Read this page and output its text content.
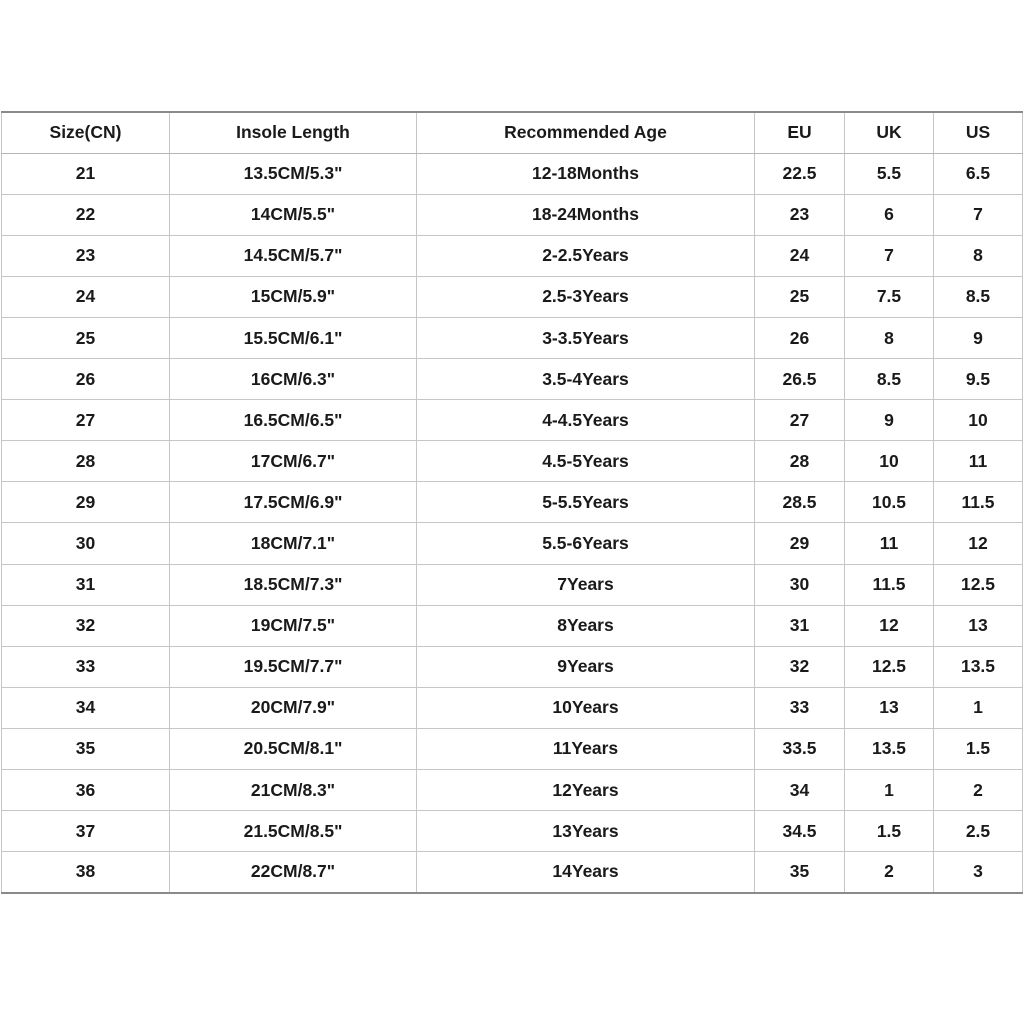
Size(CN)	Insole Length	Recommended Age	EU	UK	US
21	13.5CM/5.3"	12-18Months	22.5	5.5	6.5
22	14CM/5.5"	18-24Months	23	6	7
23	14.5CM/5.7"	2-2.5Years	24	7	8
24	15CM/5.9"	2.5-3Years	25	7.5	8.5
25	15.5CM/6.1"	3-3.5Years	26	8	9
26	16CM/6.3"	3.5-4Years	26.5	8.5	9.5
27	16.5CM/6.5"	4-4.5Years	27	9	10
28	17CM/6.7"	4.5-5Years	28	10	11
29	17.5CM/6.9"	5-5.5Years	28.5	10.5	11.5
30	18CM/7.1"	5.5-6Years	29	11	12
31	18.5CM/7.3"	7Years	30	11.5	12.5
32	19CM/7.5"	8Years	31	12	13
33	19.5CM/7.7"	9Years	32	12.5	13.5
34	20CM/7.9"	10Years	33	13	1
35	20.5CM/8.1"	11Years	33.5	13.5	1.5
36	21CM/8.3"	12Years	34	1	2
37	21.5CM/8.5"	13Years	34.5	1.5	2.5
38	22CM/8.7"	14Years	35	2	3
